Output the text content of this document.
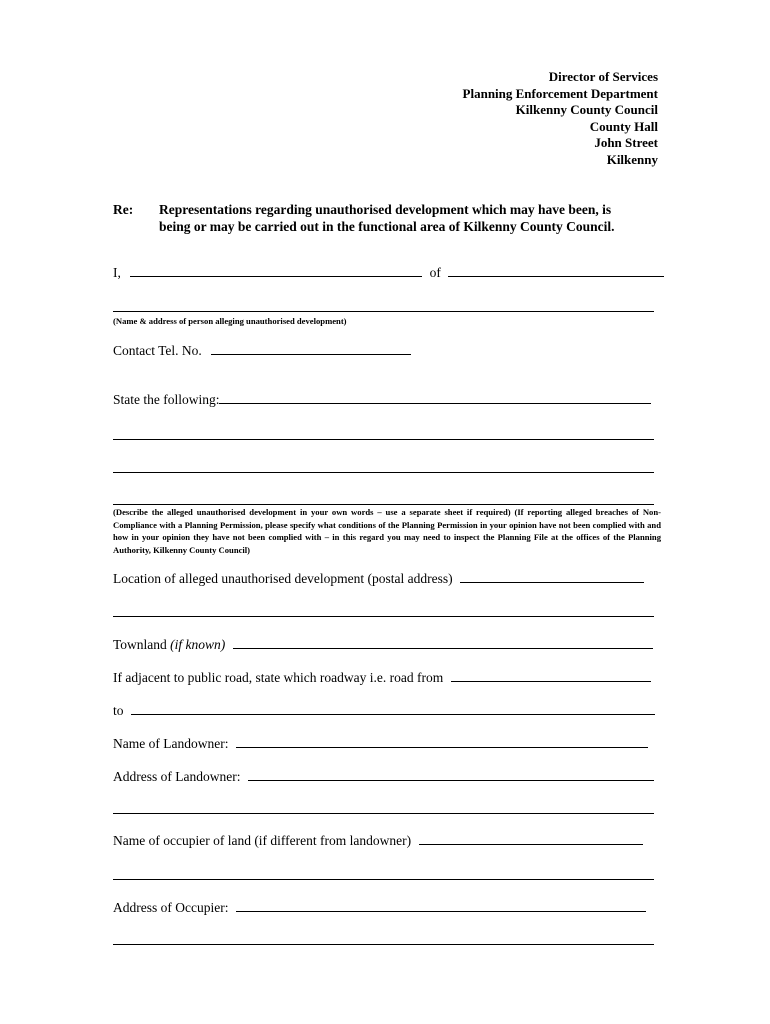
Director of Services
Planning Enforcement Department
Kilkenny County Council
County Hall
John Street
Kilkenny
Re: Representations regarding unauthorised development which may have been, is
being or may be carried out in the functional area of Kilkenny County Council.
I,	of
(Name & address of person alleging unauthorised development)
Contact Tel. No.
State the following:
(Describe the alleged unauthorised development in your own words – use a separate sheet if required) (If reporting alleged breaches of Non-Compliance with a Planning Permission, please specify what conditions of the Planning Permission in your opinion have not been complied with and how in your opinion they have not been complied with – in this regard you may need to inspect the Planning File at the offices of the Planning Authority, Kilkenny County Council)
Location of alleged unauthorised development (postal address)
Townland (if known)
If adjacent to public road, state which roadway i.e. road from
to
Name of Landowner:
Address of Landowner:
Name of occupier of land (if different from landowner)
Address of Occupier:
